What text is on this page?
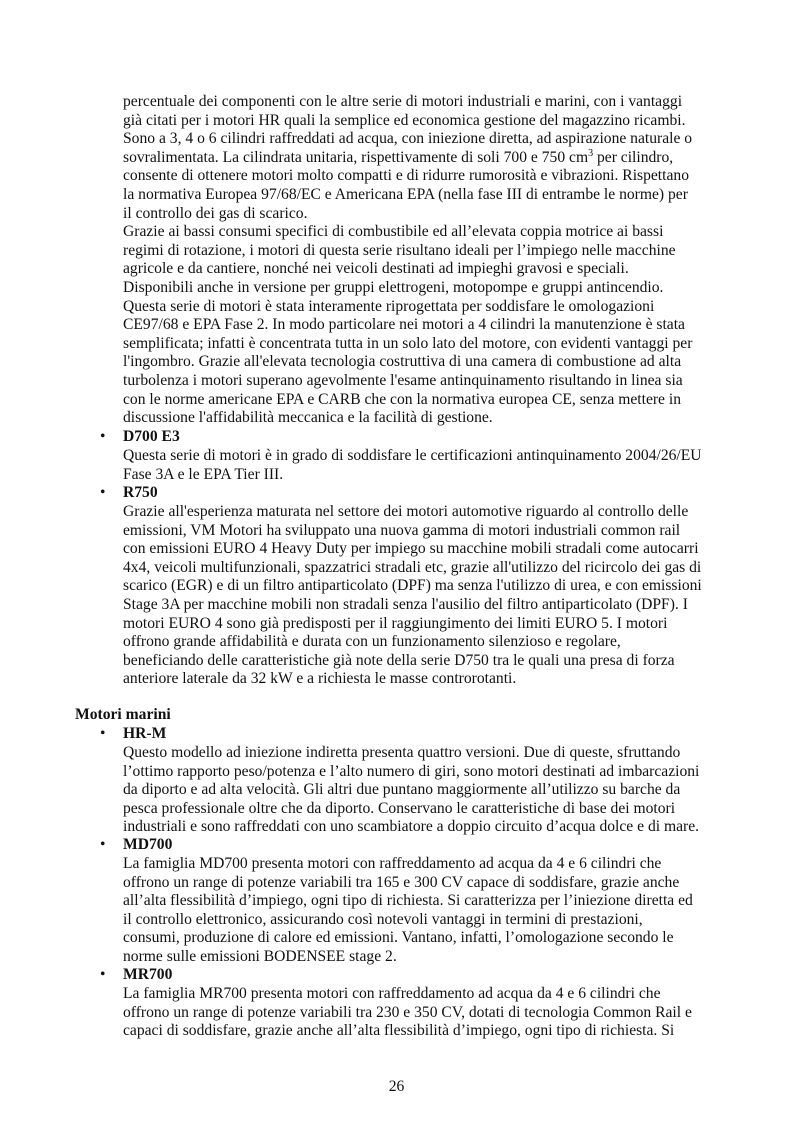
percentuale dei componenti con le altre serie di motori industriali e marini, con i vantaggi
già citati per i motori HR quali la semplice ed economica gestione del magazzino ricambi.
Sono a 3, 4 o 6 cilindri raffreddati ad acqua, con iniezione diretta, ad aspirazione naturale o
sovralimentata. La cilindrata unitaria, rispettivamente di soli 700 e 750 $cm^3$ per cilindro,
consente di ottenere motori molto compatti e di ridurre rumorosità e vibrazioni. Rispettano
la normativa Europea 97/68/EC e Americana EPA (nella fase III di entrambe le norme) per
il controllo dei gas di scarico.
Grazie ai bassi consumi specifici di combustibile ed all’elevata coppia motrice ai bassi
regimi di rotazione, i motori di questa serie risultano ideali per l’impiego nelle macchine
agricole e da cantiere, nonché nei veicoli destinati ad impieghi gravosi e speciali.
Disponibili anche in versione per gruppi elettrogeni, motopompe e gruppi antincendio.
Questa serie di motori è stata interamente riprogettata per soddisfare le omologazioni
CE97/68 e EPA Fase 2. In modo particolare nei motori a 4 cilindri la manutenzione è stata
semplificata; infatti è concentrata tutta in un solo lato del motore, con evidenti vantaggi per
l'ingombro. Grazie all'elevata tecnologia costruttiva di una camera di combustione ad alta
turbolenza i motori superano agevolmente l'esame antinquinamento risultando in linea sia
con le norme americane EPA e CARB che con la normativa europea CE, senza mettere in
discussione l'affidabilità meccanica e la facilità di gestione.
•	D700 E3
Questa serie di motori è in grado di soddisfare le certificazioni antinquinamento 2004/26/EU
Fase 3A e le EPA Tier III.
•	R750
Grazie all'esperienza maturata nel settore dei motori automotive riguardo al controllo delle
emissioni, VM Motori ha sviluppato una nuova gamma di motori industriali common rail
con emissioni EURO 4 Heavy Duty per impiego su macchine mobili stradali come autocarri
4x4, veicoli multifunzionali, spazzatrici stradali etc, grazie all'utilizzo del ricircolo dei gas di
scarico (EGR) e di un filtro antiparticolato (DPF) ma senza l'utilizzo di urea, e con emissioni
Stage 3A per macchine mobili non stradali senza l'ausilio del filtro antiparticolato (DPF). I
motori EURO 4 sono già predisposti per il raggiungimento dei limiti EURO 5. I motori
offrono grande affidabilità e durata con un funzionamento silenzioso e regolare,
beneficiando delle caratteristiche già note della serie D750 tra le quali una presa di forza
anteriore laterale da 32 kW e a richiesta le masse controrotanti.
Motori marini
•	HR-M
Questo modello ad iniezione indiretta presenta quattro versioni. Due di queste, sfruttando
l’ottimo rapporto peso/potenza e l’alto numero di giri, sono motori destinati ad imbarcazioni
da diporto e ad alta velocità. Gli altri due puntano maggiormente all’utilizzo su barche da
pesca professionale oltre che da diporto. Conservano le caratteristiche di base dei motori
industriali e sono raffreddati con uno scambiatore a doppio circuito d’acqua dolce e di mare.
•	MD700
La famiglia MD700 presenta motori con raffreddamento ad acqua da 4 e 6 cilindri che
offrono un range di potenze variabili tra 165 e 300 CV capace di soddisfare, grazie anche
all’alta flessibilità d’impiego, ogni tipo di richiesta. Si caratterizza per l’iniezione diretta ed
il controllo elettronico, assicurando così notevoli vantaggi in termini di prestazioni,
consumi, produzione di calore ed emissioni. Vantano, infatti, l’omologazione secondo le
norme sulle emissioni BODENSEE stage 2.
•	MR700
La famiglia MR700 presenta motori con raffreddamento ad acqua da 4 e 6 cilindri che
offrono un range di potenze variabili tra 230 e 350 CV, dotati di tecnologia Common Rail e
capaci di soddisfare, grazie anche all’alta flessibilità d’impiego, ogni tipo di richiesta. Si
26
